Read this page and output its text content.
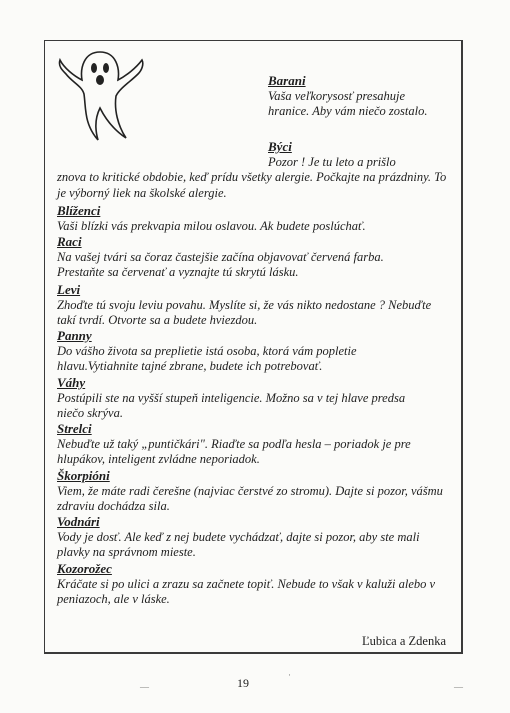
Barani
Vaša veľkorysosť presahuje hranice. Aby vám niečo zostalo.
Býci
Pozor ! Je tu leto a prišlo
znova to kritické obdobie, keď prídu všetky alergie. Počkajte na prázdniny. To je výborný liek na školské alergie.
Blíženci
Vaši blízki vás prekvapia milou oslavou. Ak budete poslúchať.
Raci
Na vašej tvári sa čoraz častejšie začína objavovať červená farba. Prestaňte sa červenať a vyznajte tú skrytú lásku.
Levi
Zhoďte tú svoju leviu povahu. Myslíte si, že vás nikto nedostane ? Nebuďte takí tvrdí. Otvorte sa a budete hviezdou.
Panny
Do vášho života sa preplietie istá osoba, ktorá vám popletie hlavu.Vytiahnite tajné zbrane, budete ich potrebovať.
Váhy
Postúpili ste na vyšší stupeň inteligencie. Možno sa v tej hlave predsa niečo skrýva.
Strelci
Nebuďte už taký „puntičkári". Riaďte sa podľa hesla – poriadok je pre hlupákov, inteligent zvládne neporiadok.
Škorpióni
Viem, že máte radi čerešne (najviac čerstvé zo stromu). Dajte si pozor, vášmu zdraviu dochádza sila.
Vodnári
Vody je dosť. Ale keď z nej budete vychádzať, dajte si pozor, aby ste mali plavky na správnom mieste.
Kozorožec
Kráčate si po ulici a zrazu sa začnete topiť. Nebude to však v kaluži alebo v peniazoch, ale v láske.
Ľubica a Zdenka
19
—
·
—
